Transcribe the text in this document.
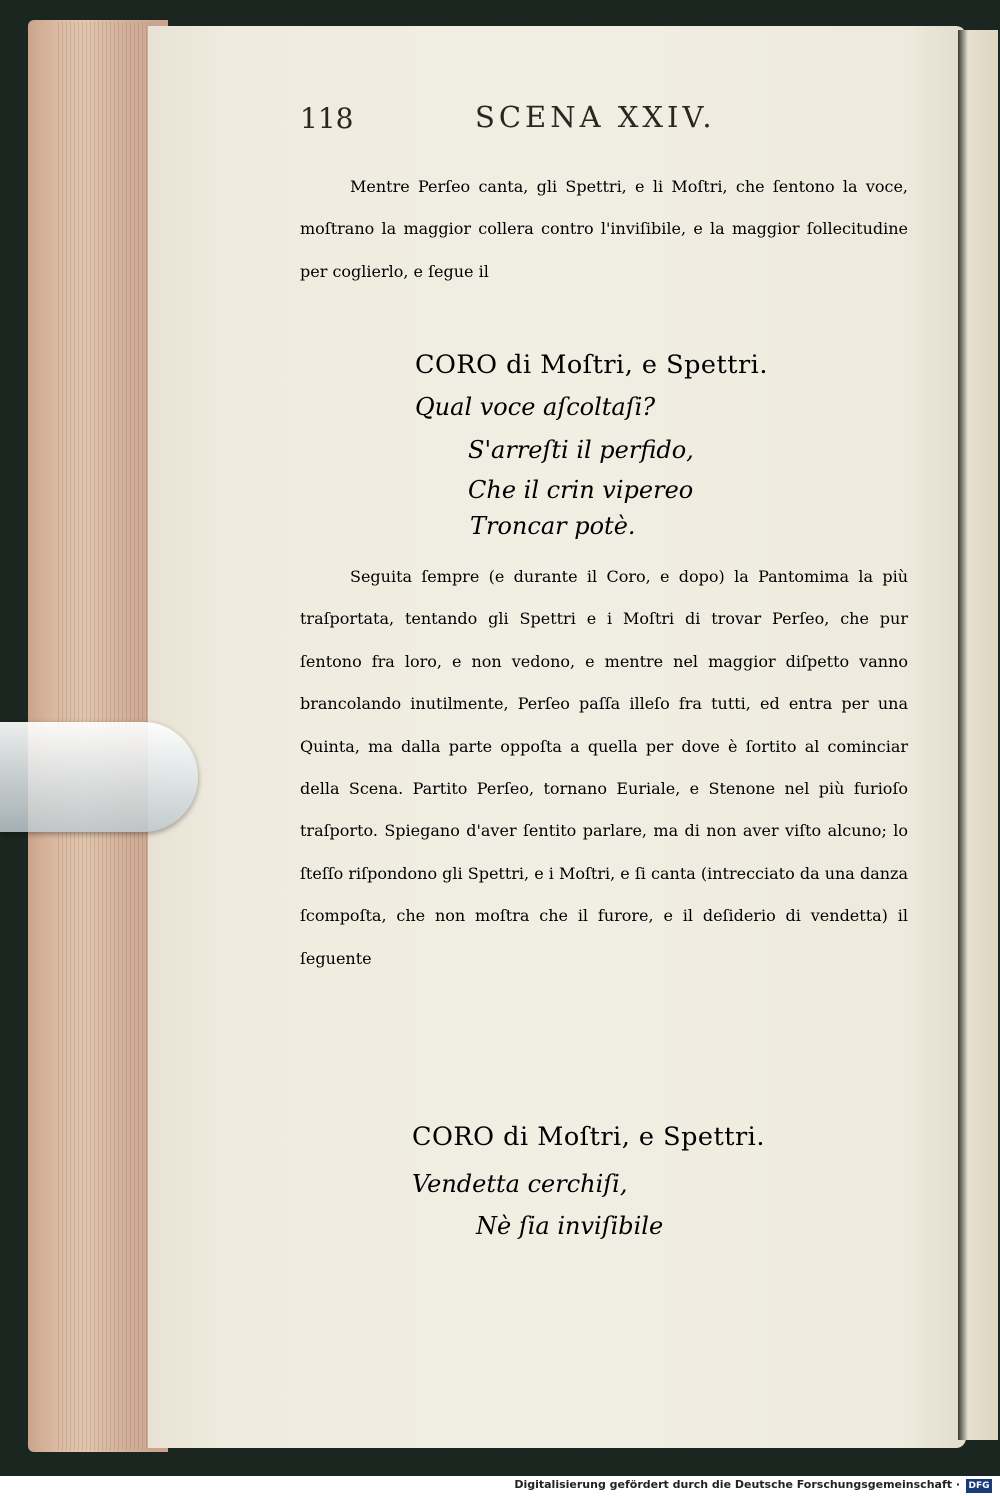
118	SCENA XXIV.
Mentre Perſeo canta, gli Spettri, e li Moſtri, che ſentono la voce, moſtrano la maggior collera contro l'inviſibile, e la maggior ſollecitudine per coglierlo, e ſegue il
CORO di Moſtri, e Spettri.
Qual voce aſcoltaſi?
S'arreſti il perfido,
Che il crin vipereo
Troncar potè.
Seguita ſempre (e durante il Coro, e dopo) la Pantomima la più traſportata, tentando gli Spettri e i Moſtri di trovar Perſeo, che pur ſentono fra loro, e non vedono, e mentre nel maggior diſpetto vanno brancolando inutilmente, Perſeo paſſa illeſo fra tutti, ed entra per una Quinta, ma dalla parte oppoſta a quella per dove è ſortito al cominciar della Scena. Partito Perſeo, tornano Euriale, e Stenone nel più furioſo traſporto. Spiegano d'aver ſentito parlare, ma di non aver viſto alcuno; lo ſteſſo riſpondono gli Spettri, e i Moſtri, e ſi canta (intrecciato da una danza ſcompoſta, che non moſtra che il furore, e il deſiderio di vendetta) il ſeguente
CORO di Moſtri, e Spettri.
Vendetta cerchiſi,
Nè ſia inviſibile
Digitalisierung gefördert durch die Deutsche Forschungsgemeinschaft · DFG
